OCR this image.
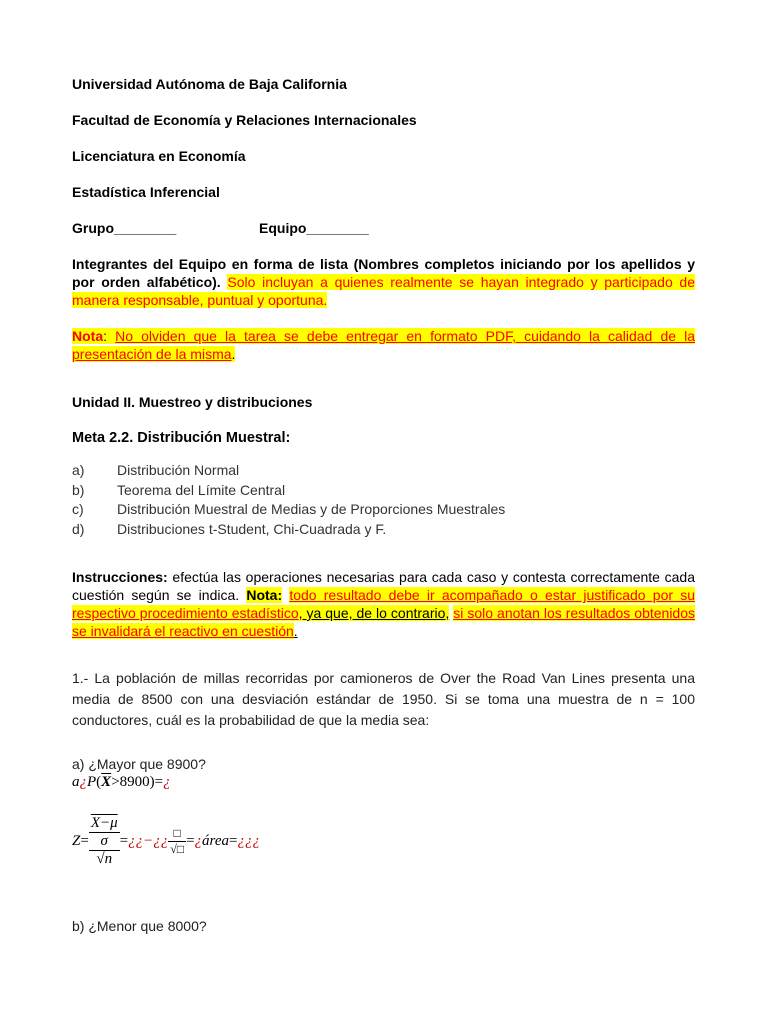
Universidad Autónoma de Baja California
Facultad de Economía y Relaciones Internacionales
Licenciatura en Economía
Estadística Inferencial
Grupo________	Equipo________
Integrantes del Equipo en forma de lista (Nombres completos iniciando por los apellidos y por orden alfabético). Solo incluyan a quienes realmente se hayan integrado y participado de manera responsable, puntual y oportuna.
Nota: No olviden que la tarea se debe entregar en formato PDF, cuidando la calidad de la presentación de la misma.
Unidad II. Muestreo y distribuciones
Meta 2.2. Distribución Muestral:
a) Distribución Normal
b) Teorema del Límite Central
c) Distribución Muestral de Medias y de Proporciones Muestrales
d) Distribuciones t-Student, Chi-Cuadrada y F.
Instrucciones: efectúa las operaciones necesarias para cada caso y contesta correctamente cada cuestión según se indica. Nota: todo resultado debe ir acompañado o estar justificado por su respectivo procedimiento estadístico, ya que, de lo contrario, si solo anotan los resultados obtenidos se invalidará el reactivo en cuestión.
1.- La población de millas recorridas por camioneros de Over the Road Van Lines presenta una media de 8500 con una desviación estándar de 1950. Si se toma una muestra de n = 100 conductores, cuál es la probabilidad de que la media sea:
a) ¿Mayor que 8900?
$a¿P(\overline{X}>8900)=¿$
Z=
X−μ
σ
√n
=¿¿−¿¿ $\frac{□}{√□}$ =¿área=¿¿¿
b) ¿Menor que 8000?
